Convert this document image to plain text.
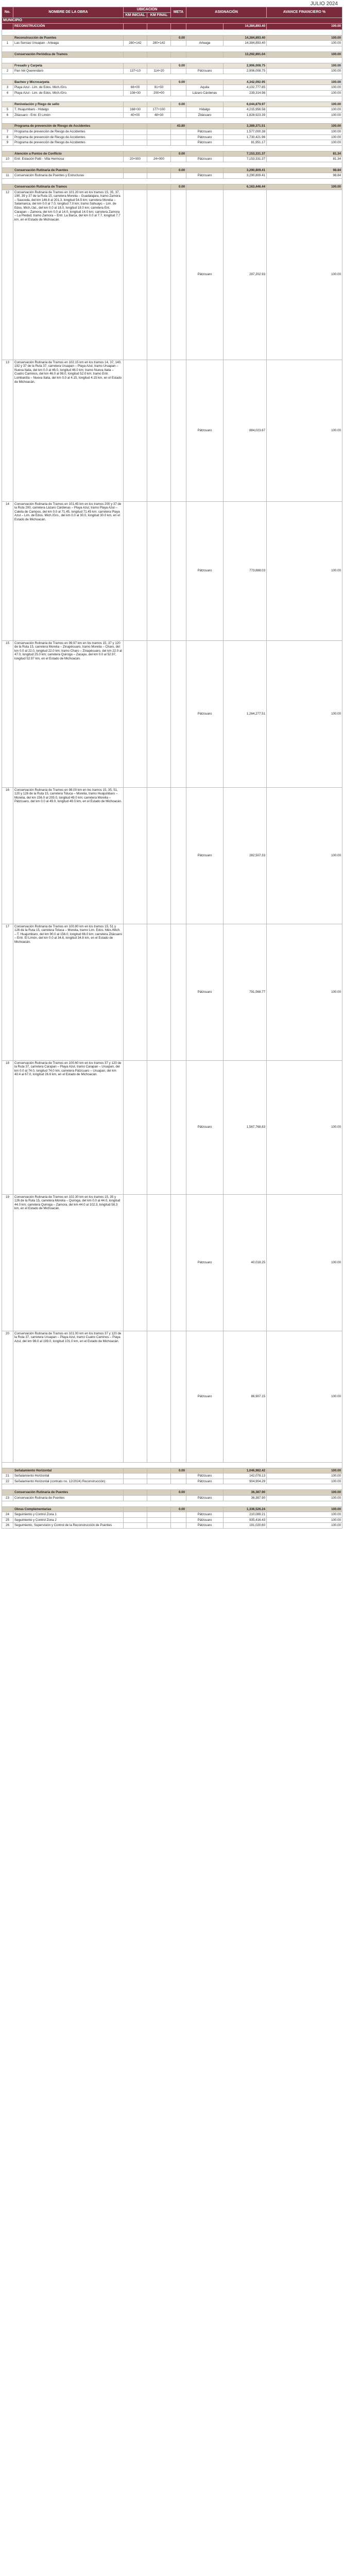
JULIO 2024
No.	NOMBRE DE LA OBRA	UBICACIÓN		META	ASIGNACIÓN		AVANCE FINANCIERO %
		KM INICIAL	KM FINAL				
MUNICIPIO							
	RECONSTRUCCIÓN					14,384,893.40	100.00

	Reconstrucción de Puentes			0.00		14,384,893.40	100.00
1	Las Sunsas Unuapan - Arteaga	280+142	280+142		Arteaga	14,384,893.40	100.00

	Conservación Periódica de Tramos					13,292,891.04	100.00

	Fresado y Carpeta			0.00		2,906,008.75	100.00
2	Pan Vel Querendaro	137+10	114+20		Pátzcuaro	2,906,008.75	100.00

	Bacheo y Microcarpeta			0.00		4,342,092.95	100.00
3	Playa Azul - Lim. de Edos. Mich./Gro.	66+00	81+50		Aquila	4,102,777.85	100.00
4	Playa Azul - Lim. de Edos. Mich./Gro.	108+30	200+00		Lázaro Cárdenas	239,314.98	100.00

	Renivelación y Riego de sello			0.00		6,044,879.97	100.00
5	T. Huajumbaro - Hidalgo	168+30	177+100		Hidalgo	4,215,956.58	100.00
6	Zitácuaro - Entr. El Limón	40+00	48+30		Zitácuaro	1,828,923.39	100.00

	Programa de prevención de Riesgo de Accidentes			43.80		3,389,371.51	100.00
7	Programa de prevención de Riesgo de Accidentes				Pátzcuaro	1,577,000.38	100.00
8	Programa de prevención de Riesgo de Accidentes				Pátzcuaro	1,730,421.96	100.00
9	Programa de prevención de Riesgo de Accidentes				Pátzcuaro	81,951.17	100.00

	Atención a Puntos de Conflicto			0.00		7,153,331.37	81.34
10	Entr. Estación Patti - Villa Hermosa	20+000	24+000		Pátzcuaro	7,153,331.37	81.34

	Conservación Rutinaria de Puentes			0.00		3,290,809.41	98.84
11	Conservación Rutinaria de Puentes y Estructuras				Pátzcuaro	3,290,809.41	98.84

	Conservación Rutinaria de Tramos			0.00		6,163,446.44	100.00
12	Conservación Rutinaria de Tramos en 101.20 km en los tramos 15, 35, 37, 190, 39 y 37 de la Ruta 15, carretera Morelia – Guadalajara, tramo Zamora – Sauceda, del km 146.8 al 201.3, longitud 54.5 km; carretera Morelia – Salamanca, del km 0.0 al 7.0, longitud 7.0 km; tramo Sahuayo – Lim. de Edos. Mich./Jal., del km 0.0 al 18.0, longitud 18.0 km; carretera Ent. Carapan – Zamora, del km 0.0 al 14.0, longitud 14.0 km; carretera Zamora – La Piedad, tramo Zamora – Entr. La Barca, del km 0.0 al 7.7, longitud 7.7 km, en el Estado de Michoacán.				Pátzcuaro	297,202.93	100.00
13	Conservación Rutinaria de Tramos en 102.15 km en los tramos 14, 37, 140, 192 y 37 de la Ruta 37, carretera Uruapan – Playa Azul, tramo Uruapan – Nueva Italia, del km 0.0 al 46.0, longitud 46.0 km; tramo Nueva Italia – Cuatro Caminos, del km 46.0 al 98.0, longitud 52.0 km; tramo Entr. Lombardía – Nueva Italia, del km 0.0 al 4.15, longitud 4.15 km, en el Estado de Michoacán.				Pátzcuaro	884,023.67	100.00
14	Conservación Rutinaria de Tramos en 101.45 km en los tramos 200 y 37 de la Ruta 200, carretera Lázaro Cárdenas – Playa Azul, tramo Playa Azul – Caleta de Campos, del km 0.0 al 71.45, longitud 71.45 km; carretera Playa Azul – Lim. de Edos. Mich./Gro., del km 0.0 al 30.0, longitud 30.0 km, en el Estado de Michoacán.				Pátzcuaro	773,888.03	100.00
15	Conservación Rutinaria de Tramos en 99.97 km en los tramos 15, 37 y 120 de la Ruta 15, carretera Morelia – Zinapécuaro, tramo Morelia – Charo, del km 0.0 al 22.0, longitud 22.0 km; tramo Charo – Zinapécuaro, del km 22.0 al 47.0, longitud 25.0 km; carretera Quiroga – Zacapu, del km 0.0 al 52.97, longitud 52.97 km, en el Estado de Michoacán.				Pátzcuaro	1,264,277.51	100.00
16	Conservación Rutinaria de Tramos en 98.00 km en los tramos 15, 35, 51, 120 y 126 de la Ruta 15, carretera Toluca – Morelia, tramo Huajumbaro – Morelia, del km 156.0 al 205.0, longitud 49.0 km; carretera Morelia – Pátzcuaro, del km 0.0 al 49.0, longitud 49.0 km, en el Estado de Michoacán.				Pátzcuaro	282,507.33	100.00
17	Conservación Rutinaria de Tramos en 100.80 km en los tramos 15, 51 y 126 de la Ruta 15, carretera Toluca – Morelia, tramo Lím. Edos. Méx./Mich. – T. Huajumbaro, del km 90.0 al 156.0, longitud 66.0 km; carretera Zitácuaro – Entr. El Limón, del km 0.0 al 34.8, longitud 34.8 km, en el Estado de Michoacán.				Pátzcuaro	791,568.77	100.00
18	Conservación Rutinaria de Tramos en 100.60 km en los tramos 37 y 120 de la Ruta 37, carretera Carapan – Playa Azul, tramo Carapan – Uruapan, del km 0.0 al 74.0, longitud 74.0 km; carretera Pátzcuaro – Uruapan, del km 40.4 al 67.0, longitud 26.6 km, en el Estado de Michoacán.				Pátzcuaro	1,567,768.83	100.00
19	Conservación Rutinaria de Tramos en 102.30 km en los tramos 15, 35 y 126 de la Ruta 15, carretera Morelia – Quiroga, del km 0.0 al 44.0, longitud 44.0 km; carretera Quiroga – Zamora, del km 44.0 al 102.3, longitud 58.3 km, en el Estado de Michoacán.				Pátzcuaro	40,018.25	100.00
20	Conservación Rutinaria de Tramos en 101.00 km en los tramos 37 y 120 de la Ruta 37, carretera Uruapan – Playa Azul, tramo Cuatro Caminos – Playa Azul, del km 98.0 al 199.0, longitud 101.0 km, en el Estado de Michoacán.				Pátzcuaro	86,907.15	100.00

	Señalamiento Horizontal			0.00		1,046,982.42	100.00
21	Señalamiento Horizontal				Pátzcuaro	142,078.13	100.00
22	Señalamiento Horizontal (contrato no. 12/2024) Reconstrucción)				Pátzcuaro	904,904.29	100.00

	Conservación Rutinaria de Puentes			0.00		36,387.90	100.00
23	Conservación Rutinaria de Puentes				Pátzcuaro	36,387.90	100.00

	Obras Complementarias			0.00		1,336,526.24	100.00
24	Seguimiento y Control Zona 1				Pátzcuaro	210,089.21	100.00
25	Seguimiento y Control Zona 2				Pátzcuaro	935,416.43	100.00
26	Seguimiento, Supervisión y Control de la Reconstrucción de Puentes				Pátzcuaro	191,020.60	100.00
